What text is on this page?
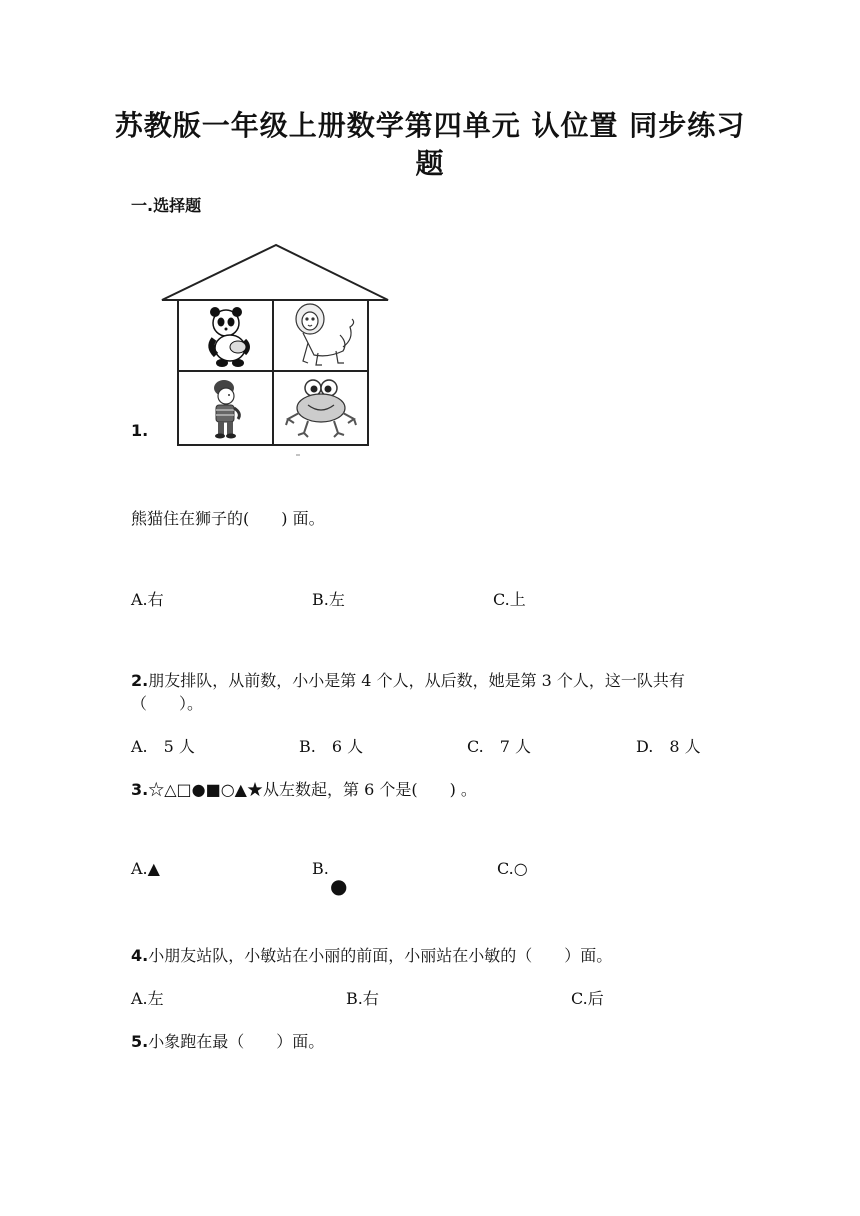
苏教版一年级上册数学第四单元 认位置 同步练习
题
一.选择题
1.
熊猫住在狮子的(　　) 面。
A.右	B.左	C.上
2.朋友排队，从前数，小小是第 4 个人，从后数，她是第 3 个人，这一队共有
（　　）。
A.　5 人	B.　6 人	C.　7 人	D.　8 人
3.☆△□●■○▲★从左数起，第 6 个是(　　) 。
A.▲	B.
●
C.○
4.小朋友站队，小敏站在小丽的前面，小丽站在小敏的（　　）面。
A.左	B.右	C.后
5.小象跑在最（　　）面。
